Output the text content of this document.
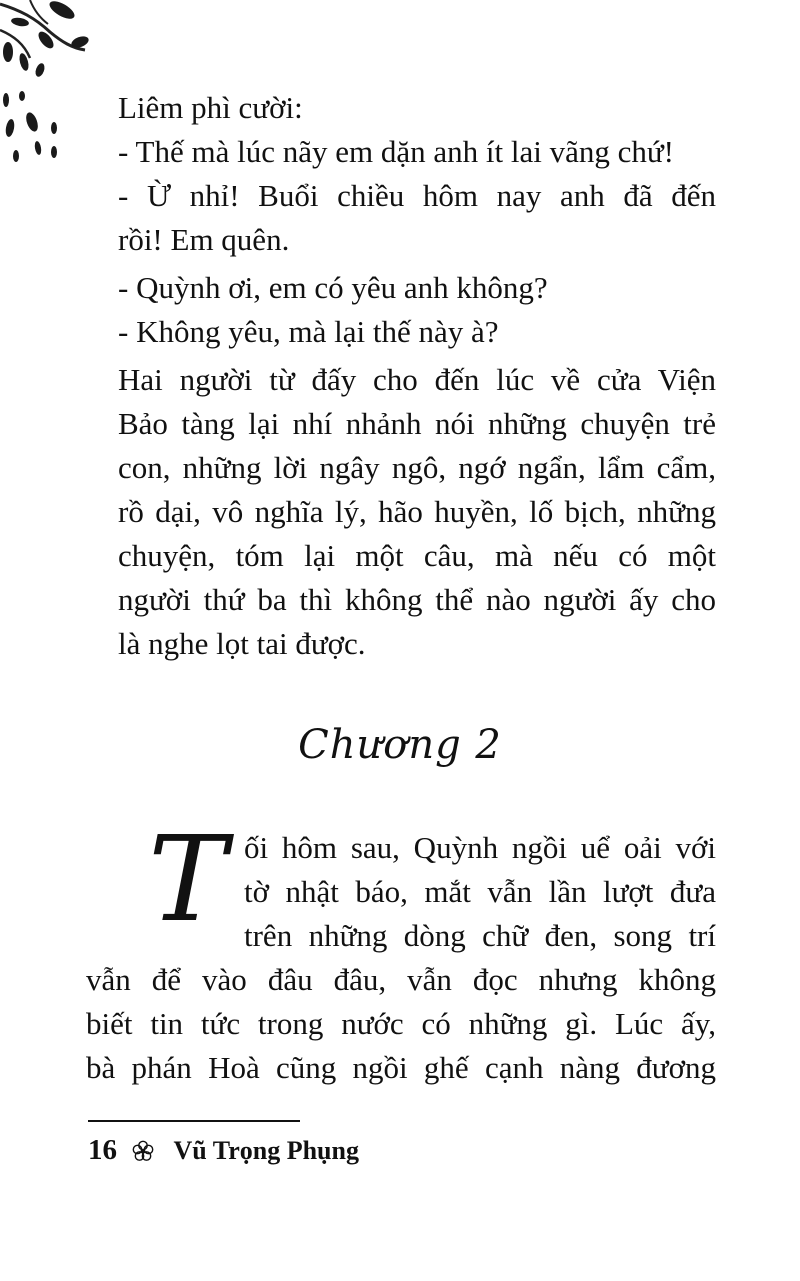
Liêm phì cười:
- Thế mà lúc nãy em dặn anh ít lai vãng chứ!
- Ừ nhỉ! Buổi chiều hôm nay anh đã đến
rồi! Em quên.
- Quỳnh ơi, em có yêu anh không?
- Không yêu, mà lại thế này à?
Hai người từ đấy cho đến lúc về cửa Viện
Bảo tàng lại nhí nhảnh nói những chuyện trẻ
con, những lời ngây ngô, ngớ ngẩn, lẩm cẩm,
rồ dại, vô nghĩa lý, hão huyền, lố bịch, những
chuyện, tóm lại một câu, mà nếu có một
người thứ ba thì không thể nào người ấy cho
là nghe lọt tai được.
Chương 2
T ối hôm sau, Quỳnh ngồi uể oải với
tờ nhật báo, mắt vẫn lần lượt đưa
trên những dòng chữ đen, song trí
vẫn để vào đâu đâu, vẫn đọc nhưng không
biết tin tức trong nước có những gì. Lúc ấy,
bà phán Hoà cũng ngồi ghế cạnh nàng đương
16 Vũ Trọng Phụng
